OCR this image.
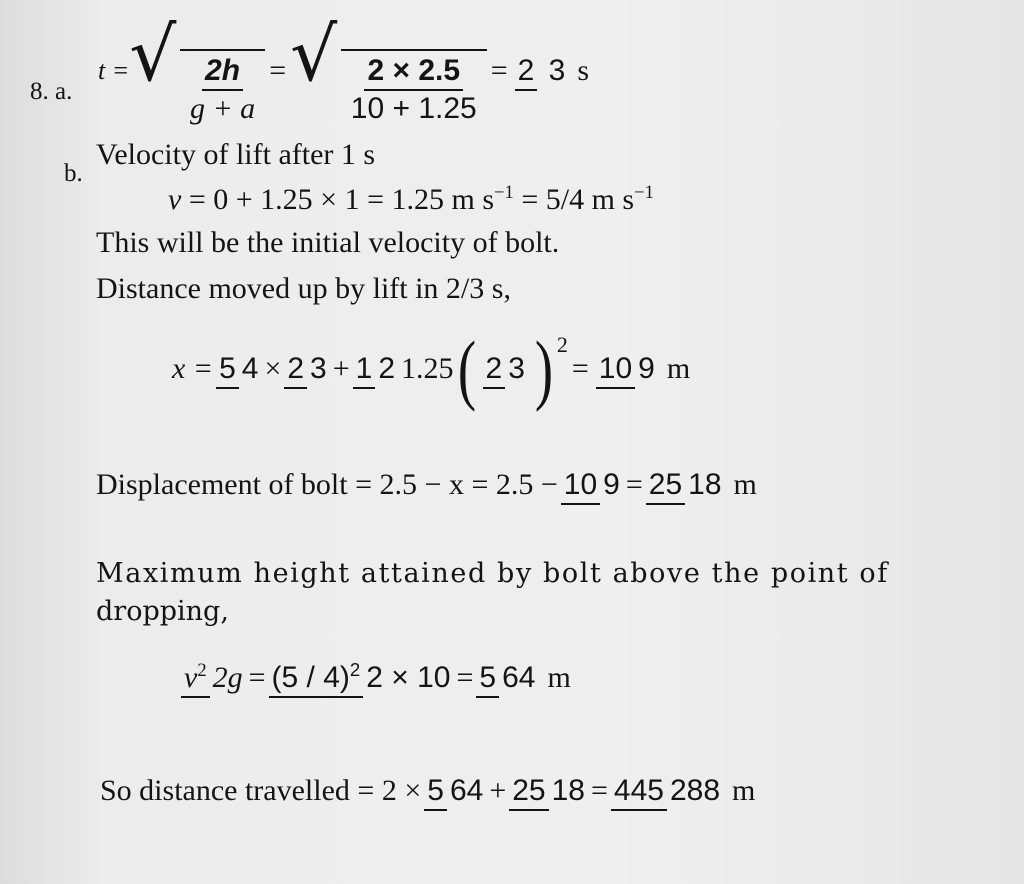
8. a.
t = √ $\frac{2h}{g + a}$ = √ $\frac{2 \times 2.5}{10 + 1.25} = 2$ 3 s
b.
Velocity of lift after 1 s
v = 0 + 1.25 × 1 = 1.25 m $s^{-1} = 5/4$ m $s^{-1}$
This will be the initial velocity of bolt.
Distance moved up by lift in 2/3 s,
x = 5 4 × 2 3 + 1 2 1.25 ( 2 3 ) 2
= 10 9 m
Displacement of bolt = 2.5 − x = 2.5 − 10 9 = 25 18 m
Maximum height attained by bolt above the point of
dropping,
$v^2$ 2g = (5 / 4)$^2$ 2 × 10 = 5 64 m
So distance travelled = 2 × 5 64 + 25 18 = 445 288 m
